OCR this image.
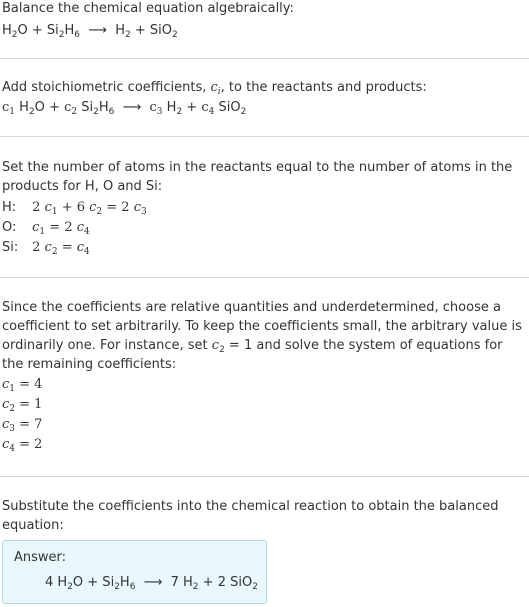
Balance the chemical equation algebraically:
$H_2O + Si_2H_6$  ⟶  $H_2 + SiO_2$
Add stoichiometric coefficients, $c_i$, to the reactants and products:
$c_1$ $H_2O + c_2$ $Si_2H_6$  ⟶  $c_3$ $H_2 + c_4$ SiO$_2$
Set the number of atoms in the reactants equal to the number of atoms in the
products for H, O and Si:
H: 2 $c_1 + 6$ $c_2 = 2$ $c_3$
O: $c_1 = 2$ $c_4$
Si: 2 $c_2 = c_4$
Since the coefficients are relative quantities and underdetermined, choose a coefficient to set arbitrarily. To keep the coefficients small, the arbitrary value is ordinarily one. For instance, set $c_2 = 1$ and solve the system of equations for the remaining coefficients:
$c_1 = 4$
$c_2 = 1$
$c_3 = 7$
$c_4 = 2$
Substitute the coefficients into the chemical reaction to obtain the balanced
equation:
Answer:
4 $H_2O + Si_2H_6$  ⟶  7 $H_2 + 2$ SiO$_2$
